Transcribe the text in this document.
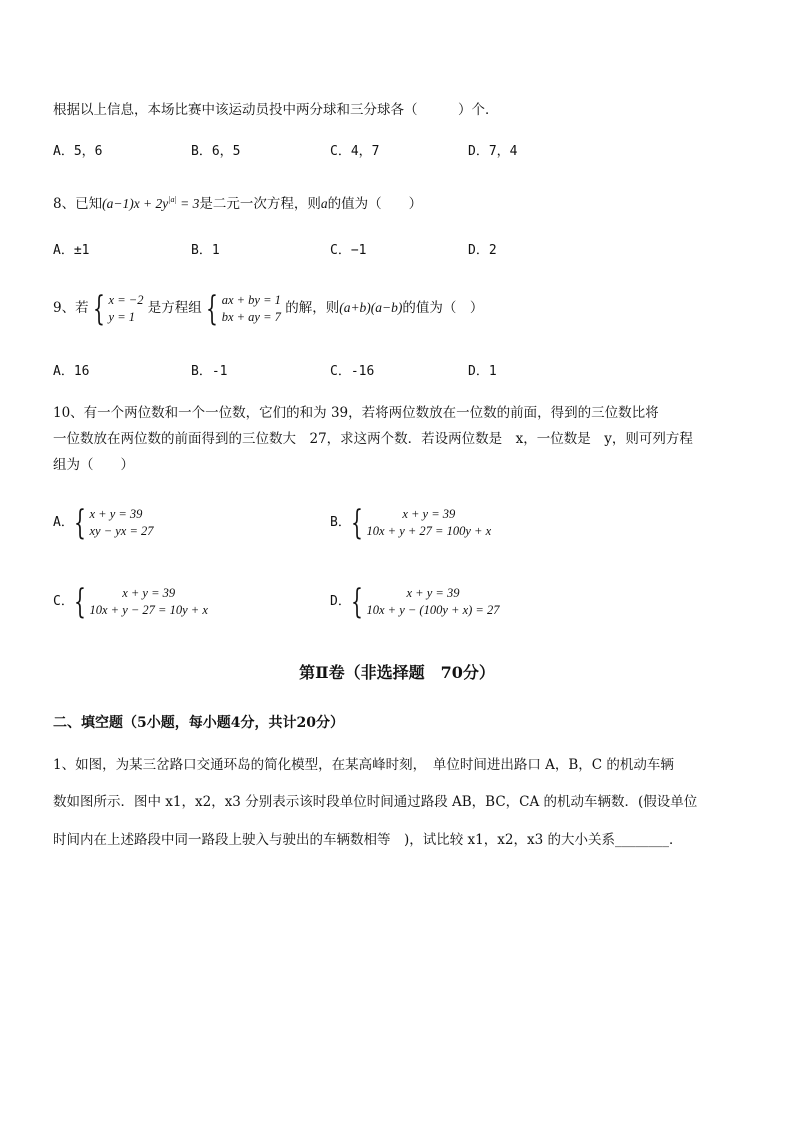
根据以上信息，本场比赛中该运动员投中两分球和三分球各（　　　）个．
A．5，6	B．6，5	C．4，7	D．7，4
8、已知$(a-1)x + 2y^{|a|} = 3$是二元一次方程，则a的值为（　　）
A．±1	B．1	C．−1	D．2
9、若 { x = −2
y = 1
是方程组 { ax + by = 1
bx + ay = 7
的解，则(a+b)(a−b)的值为（　）
A．16	B．-1	C．-16	D．1
10、有一个两位数和一个一位数，它们的和为 39，若将两位数放在一位数的前面，得到的三位数比将
一位数放在两位数的前面得到的三位数大　27，求这两个数．若设两位数是　x，一位数是　y，则可列方程
组为（　　）
A． { x + y = 39
xy − yx = 27
B． {	x + y = 39
10x + y + 27 = 100y + x
C． {	x + y = 39
10x + y − 27 = 10y + x
D． {	x + y = 39
10x + y − (100y + x) = 27
第Ⅱ卷（非选择题　70分）
二、填空题（5小题，每小题4分，共计20分）
1、如图，为某三岔路口交通环岛的简化模型，在某高峰时刻，　单位时间进出路口 A，B，C 的机动车辆
数如图所示．图中 x1，x2，x3 分别表示该时段单位时间通过路段 AB，BC，CA 的机动车辆数．(假设单位
时间内在上述路段中同一路段上驶入与驶出的车辆数相等　)，试比较 x1，x2，x3 的大小关系________．
